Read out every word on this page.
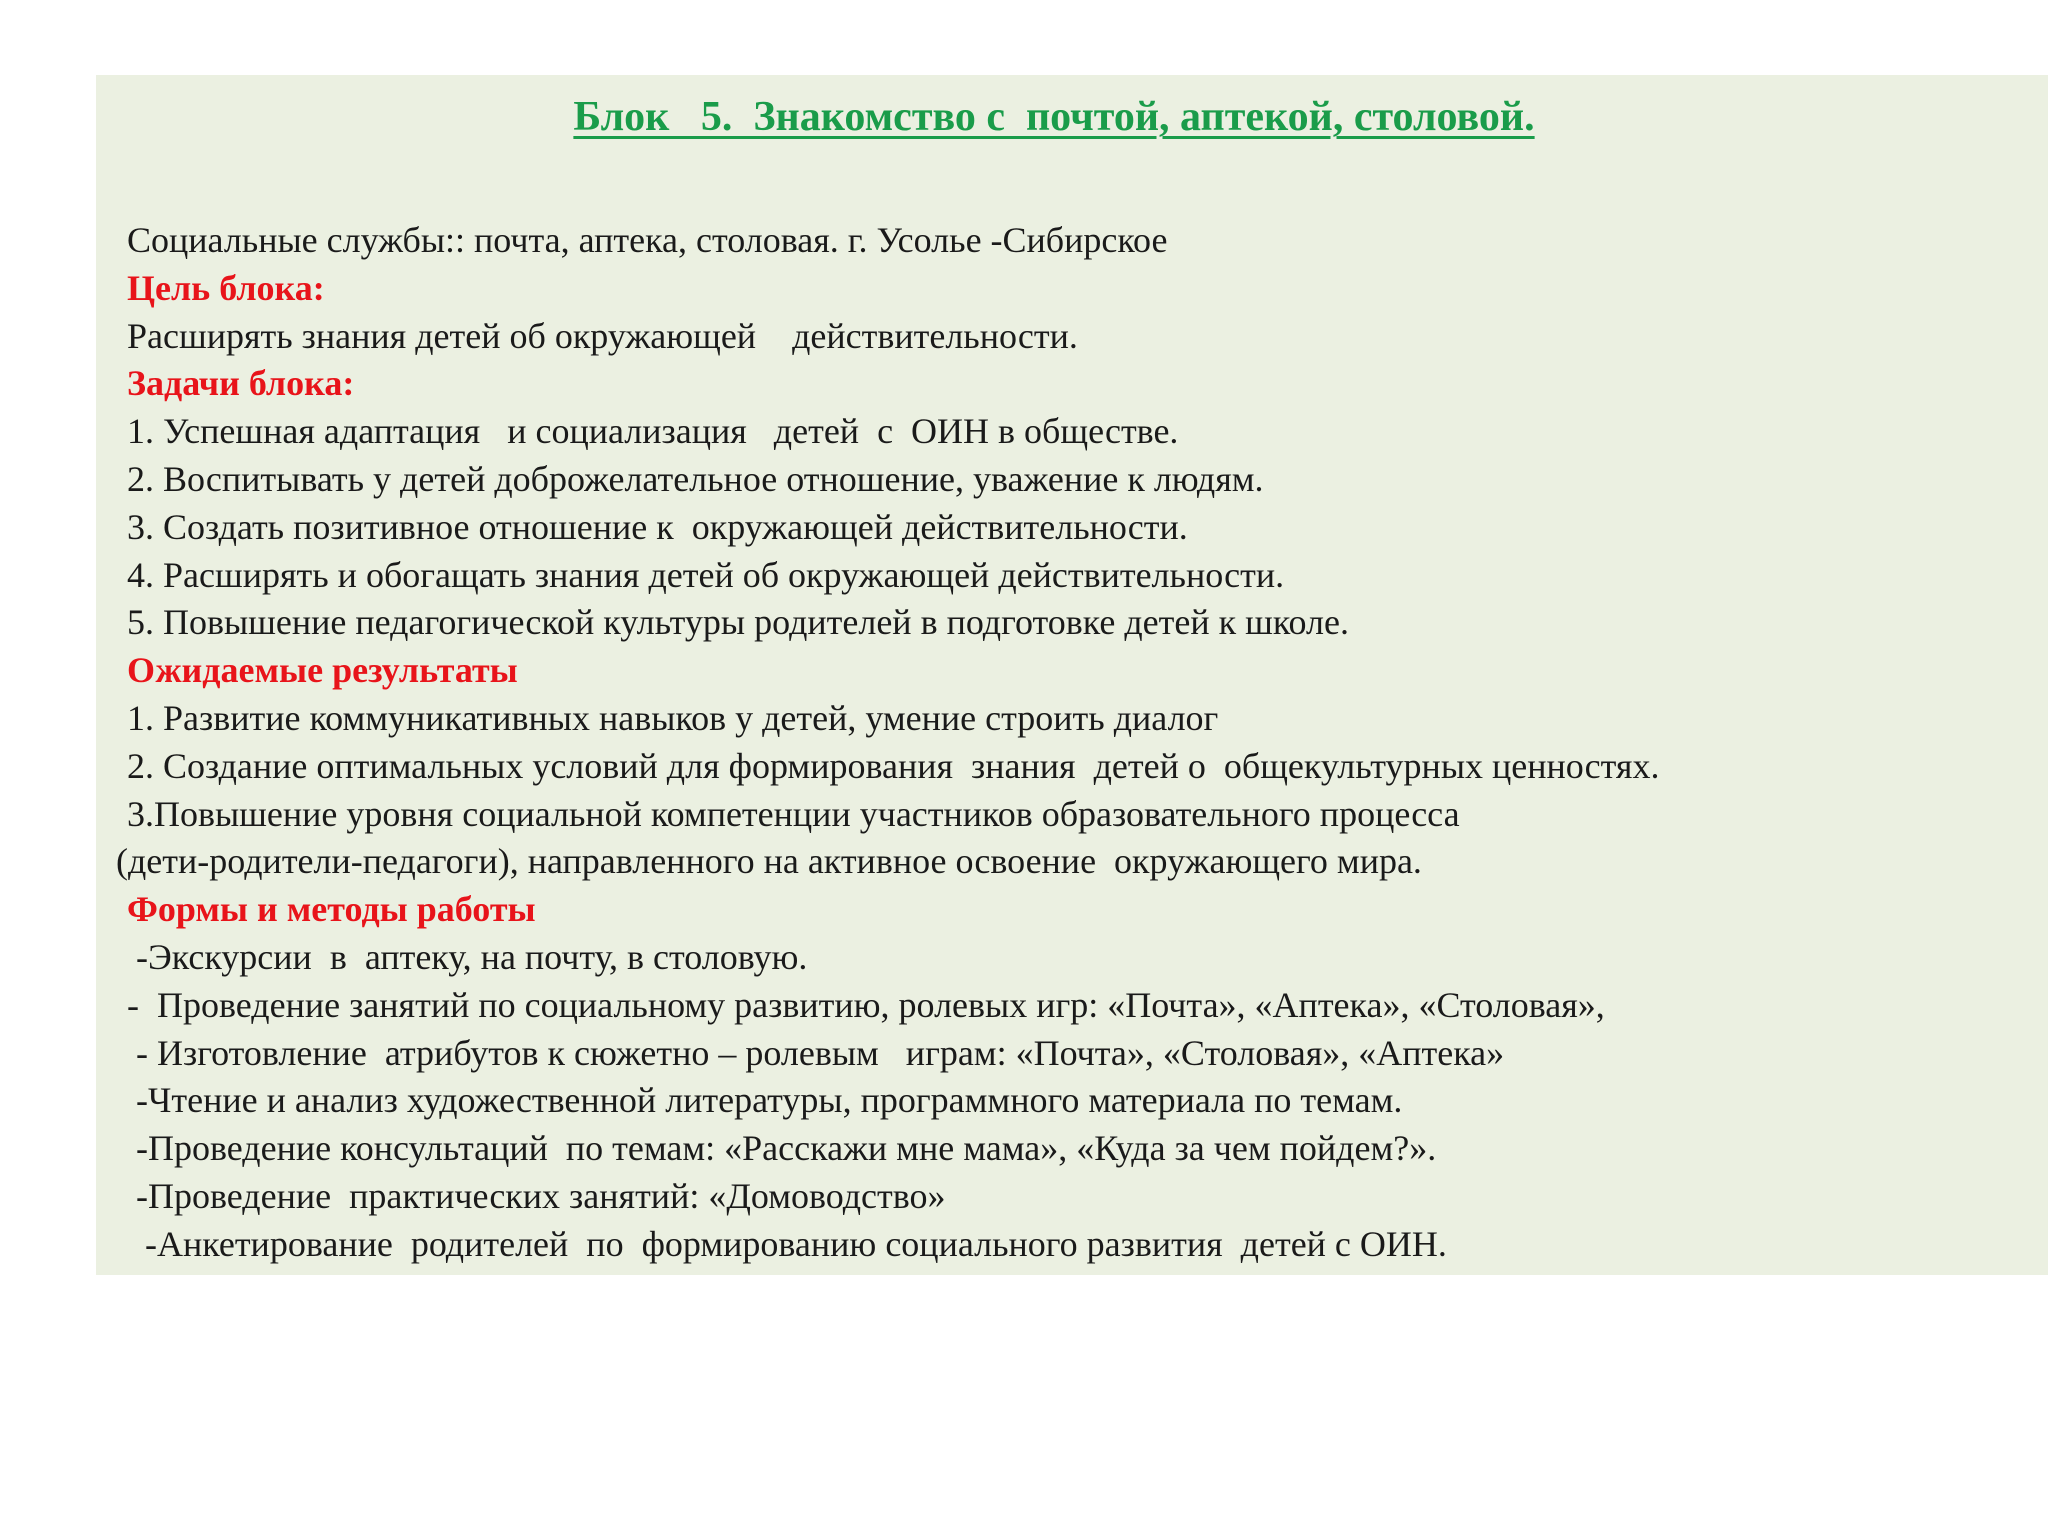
Блок   5.  Знакомство с  почтой, аптекой, столовой.
Социальные службы:: почта, аптека, столовая. г. Усолье -Сибирское
Цель блока:
Расширять знания детей об окружающей    действительности.
Задачи блока:
1. Успешная адаптация   и социализация   детей  с  ОИН в обществе.
2. Воспитывать у детей доброжелательное отношение, уважение к людям.
3. Создать позитивное отношение к  окружающей действительности.
4. Расширять и обогащать знания детей об окружающей действительности.
5. Повышение педагогической культуры родителей в подготовке детей к школе.
Ожидаемые результаты
1. Развитие коммуникативных навыков у детей, умение строить диалог
2. Создание оптимальных условий для формирования  знания  детей о  общекультурных ценностях.
3.Повышение уровня социальной компетенции участников образовательного процесса
(дети-родители-педагоги), направленного на активное освоение  окружающего мира.
Формы и методы работы
-Экскурсии  в  аптеку, на почту, в столовую.
-  Проведение занятий по социальному развитию, ролевых игр: «Почта», «Аптека», «Столовая»,
- Изготовление  атрибутов к сюжетно – ролевым   играм: «Почта», «Столовая», «Аптека»
-Чтение и анализ художественной литературы, программного материала по темам.
-Проведение консультаций  по темам: «Расскажи мне мама», «Куда за чем пойдем?».
-Проведение  практических занятий: «Домоводство»
-Анкетирование  родителей  по  формированию социального развития  детей с ОИН.
